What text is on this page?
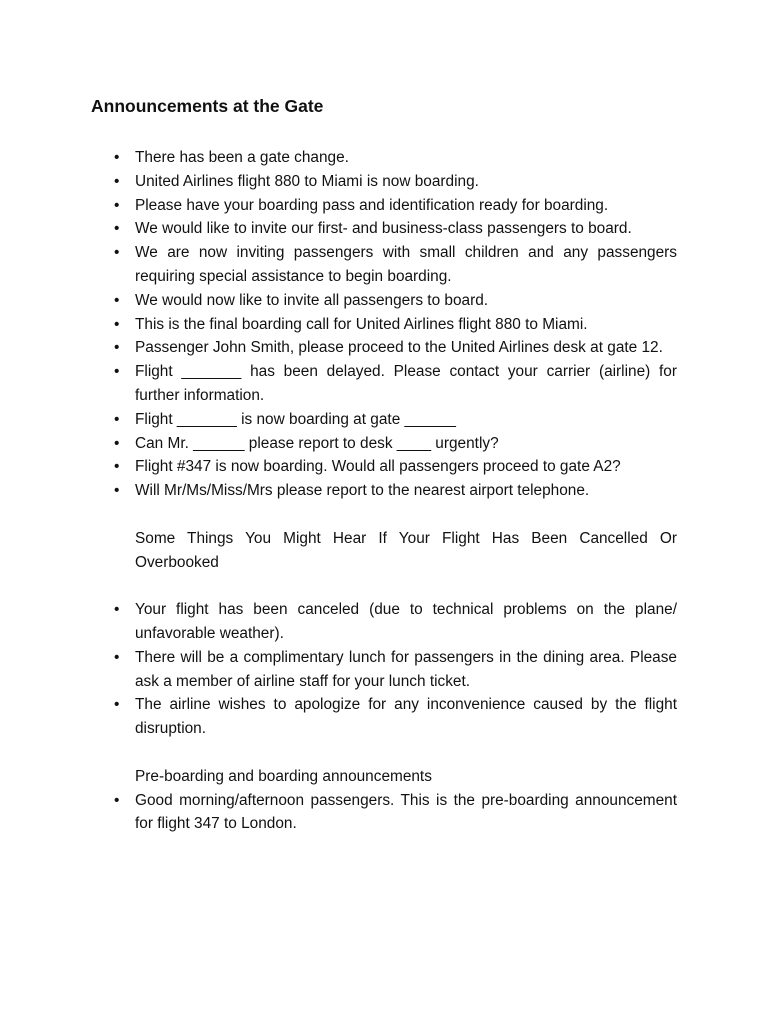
Announcements at the Gate
• There has been a gate change.
• United Airlines flight 880 to Miami is now boarding.
• Please have your boarding pass and identification ready for boarding.
• We would like to invite our first- and business-class passengers to board.
• We are now inviting passengers with small children and any passengers requiring special assistance to begin boarding.
• We would now like to invite all passengers to board.
• This is the final boarding call for United Airlines flight 880 to Miami.
• Passenger John Smith, please proceed to the United Airlines desk at gate 12.
• Flight _______ has been delayed. Please contact your carrier (airline) for further information.
• Flight _______ is now boarding at gate ______
• Can Mr. ______ please report to desk ____ urgently?
• Flight #347 is now boarding. Would all passengers proceed to gate A2?
• Will Mr/Ms/Miss/Mrs please report to the nearest airport telephone.

Some Things You Might Hear If Your Flight Has Been Cancelled Or Overbooked

• Your flight has been canceled (due to technical problems on the plane/ unfavorable weather).
• There will be a complimentary lunch for passengers in the dining area. Please ask a member of airline staff for your lunch ticket.
• The airline wishes to apologize for any inconvenience caused by the flight disruption.

Pre-boarding and boarding announcements

• Good morning/afternoon passengers. This is the pre-boarding announcement for flight 347 to London.
